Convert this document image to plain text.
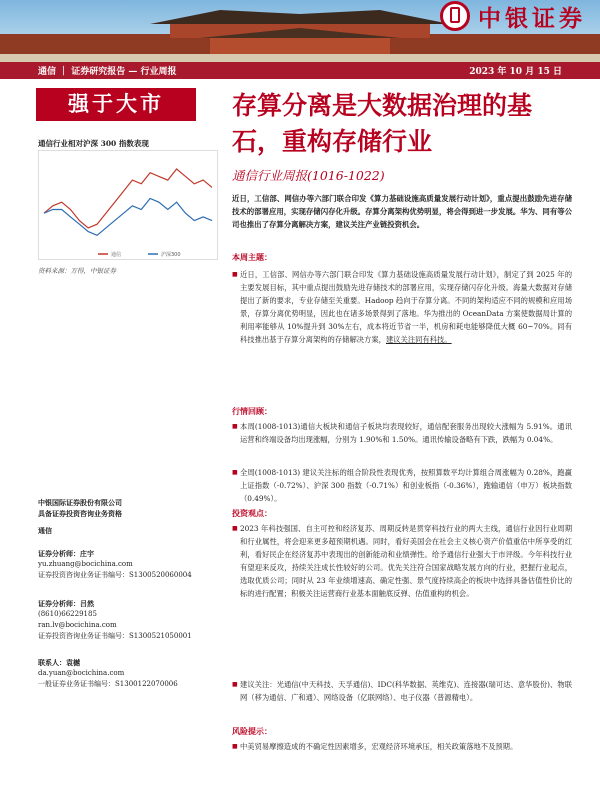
中银证券
通信 ｜ 证券研究报告 — 行业周报	2023 年 10 月 15 日
强于大市
通信行业相对沪深 300 指数表现
通信	沪深300
资料来源：万得，中银证券
中银国际证券股份有限公司
具备证券投资咨询业务资格
通信
证券分析师：庄宇
yu.zhuang@bocichina.com
证券投资咨询业务证书编号：S1300520060004
证券分析师：吕然
(8610)66229185
ran.lv@bocichina.com
证券投资咨询业务证书编号：S1300521050001
联系人：袁樾
da.yuan@bocichina.com
一般证券业务证书编号：S1300122070006
存算分离是大数据治理的基石，重构存储行业
通信行业周报(1016-1022)
近日，工信部、网信办等六部门联合印发《算力基础设施高质量发展行动计划》，重点提出鼓励先进存储技术的部署应用，实现存储闪存化升级。存算分离架构优势明显，将会得到进一步发展。华为、同有等公司也推出了存算分离解决方案，建议关注产业链投资机会。
本周主题：
■ 近日，工信部、网信办等六部门联合印发《算力基础设施高质量发展行动计划》，制定了到 2025 年的主要发展目标，其中重点提出鼓励先进存储技术的部署应用，实现存储闪存化升级。海量大数据对存储提出了新的要求，专业存储至关重要。Hadoop 趋向于存算分离。不同的架构适应不同的规模和应用场景，存算分离优势明显，因此也在诸多场景得到了落地。华为推出的 OceanData 方案使数据局计算的利用率能够从 10%提升到 30%左右，成本将近节省一半，机房和耗电能够降低大概 60~70%。同有科技推出基于存算分离架构的存储解决方案，建议关注同有科技。
行情回顾：
■ 本周(1008-1013)通信大板块和通信子板块均表现较好，通信配套服务出现较大涨幅为 5.91%。通讯运营和终端设备均出现涨幅，分别为 1.90%和 1.50%。通讯传输设备略有下跌，跌幅为 0.04%。
■ 全周(1008-1013) 建议关注标的组合阶段性表现优秀，按照算数平均计算组合周涨幅为 0.28%，跑赢上证指数（-0.72%）、沪深 300 指数（-0.71%）和创业板指（-0.36%），跑输通信（申万）板块指数（0.49%）。
投资观点：
■ 2023 年科技强国、自主可控和经济复苏、周期反转是贯穿科技行业的两大主线，通信行业因行业周期和行业属性，将会迎来更多超预期机遇。同时，看好美国会在社会主义核心资产价值重估中所享受的红利，看好民企在经济复苏中表现出的创新能动和业绩弹性。给予通信行业强大于市评级。今年科技行业有望迎来反攻，持续关注成长性较好的公司。优先关注符合国家战略发展方向的行业，把握行业起点，选取优质公司；同时从 23 年业绩增速高、确定性强、景气度持续高企的板块中选择具备估值性价比的标的进行配置；积极关注运营商行业基本面触底反弹、估值重构的机会。
■ 建议关注：光通信(中天科技、天孚通信)、IDC(科华数据、英维克)、连接器(瑞可达、意华股份)、物联网（移为通信、广和通）、网络设备（亿联网络）、电子仪器（普源精电）。
风险提示：
■ 中美贸易摩擦造成的不确定性因素增多，宏观经济环境承压，相关政策落地不及预期。
